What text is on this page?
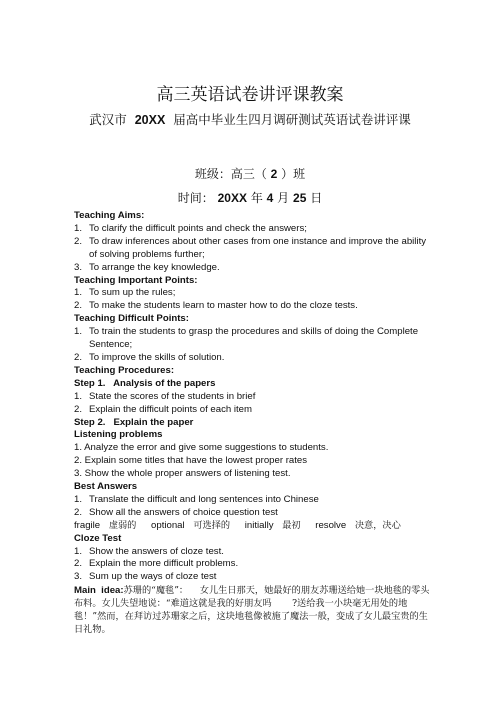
高三英语试卷讲评课教案
武汉市 20XX 届高中毕业生四月调研测试英语试卷讲评课
班级：高三（ 2 ）班
时间： 20XX 年 4 月 25 日
Teaching Aims:
1. To clarify the difficult points and check the answers;
2. To draw inferences about other cases from one instance and improve the ability of solving problems further;
3. To arrange the key knowledge.
Teaching Important Points:
1. To sum up the rules;
2. To make the students learn to master how to do the cloze tests.
Teaching Difficult Points:
1. To train the students to grasp the procedures and skills of doing the Complete Sentence;
2. To improve the skills of solution.
Teaching Procedures:
Step 1.   Analysis of the papers
1. State the scores of the students in brief
2. Explain the difficult points of each item
Step 2.   Explain the paper
Listening problems
1. Analyze the error and give some suggestions to students.
2. Explain some titles that have the lowest proper rates
3. Show the whole proper answers of listening test.
Best Answers
1. Translate the difficult and long sentences into Chinese
2. Show all the answers of choice question test
fragile 虚弱的 optional 可选择的 initially 最初 resolve 决意，决心
Cloze Test
1. Show the answers of cloze test.
2. Explain the more difficult problems.
3. Sum up the ways of cloze test
Main  idea:苏珊的“魔毯”：    女儿生日那天，她最好的朋友苏珊送给她一块地毯的零头布料。女儿失望地说：“难道这就是我的好朋友吗       ?送给我一小块毫无用处的地毯！”然而，在拜访过苏珊家之后，这块地毯像被施了魔法一般，变成了女儿最宝贵的生日礼物。
